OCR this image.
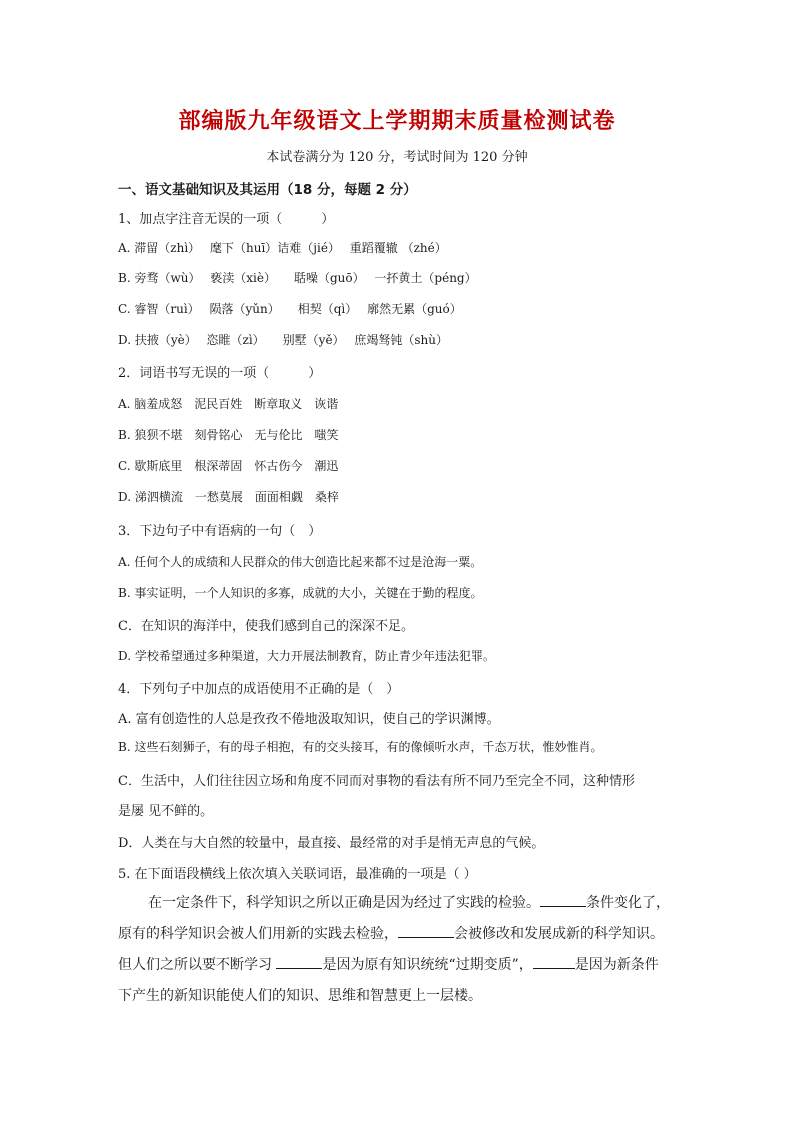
部编版九年级语文上学期期末质量检测试卷
本试卷满分为 120 分，考试时间为 120 分钟
一、语文基础知识及其运用（18 分，每题 2 分）
1、加点字注音无误的一项（　　　）
A. 滞留（zhì）　 麾下（huī）诘难（jié）　 重蹈覆辙 （zhé）
B. 旁骛（wù）　 亵渎（xiè）　　聒噪（guō）　 一抔黄土（péng）
C. 睿智（ruì）　 陨落（yǔn）　　相契（qì）　 廓然无累（guó）
D. 扶掖（yè）　 恣睢（zì）　　别墅（yě）　 庶竭驽钝（shù）
2．词语书写无误的一项（　　　）
A. 脑羞成怒　泥民百姓　断章取义　诙谐
B. 狼狈不堪　刻骨铭心　无与伦比　嗤笑
C. 歇斯底里　根深蒂固　怀古伤今　潮迅
D. 涕泗横流　一愁莫展　面面相觑　桑梓
3．下边句子中有语病的一句（　）
A. 任何个人的成绩和人民群众的伟大创造比起来都不过是沧海一粟。
B. 事实证明，一个人知识的多寡，成就的大小，关键在于勤的程度。
C．在知识的海洋中，使我们感到自己的深深不足。
D. 学校希望通过多种渠道，大力开展法制教育，防止青少年违法犯罪。
4．下列句子中加点的成语使用不正确的是（　）
A. 富有创造性的人总是孜孜不倦地汲取知识，使自己的学识渊博。
B. 这些石刻狮子，有的母子相抱，有的交头接耳，有的像倾听水声，千态万状，惟妙惟肖。
C．生活中，人们往往因立场和角度不同而对事物的看法有所不同乃至完全不同，这种情形
是屡 见不鲜的。
D．人类在与大自然的较量中，最直接、最经常的对手是悄无声息的气候。
5. 在下面语段横线上依次填入关联词语，最准确的一项是（ ）
在一定条件下，科学知识之所以正确是因为经过了实践的检验。	条件变化了，
原有的科学知识会被人们用新的实践去检验，	会被修改和发展成新的科学知识。
但人们之所以要不断学习	是因为原有知识统统“过期变质”，	是因为新条件
下产生的新知识能使人们的知识、思维和智慧更上一层楼。
